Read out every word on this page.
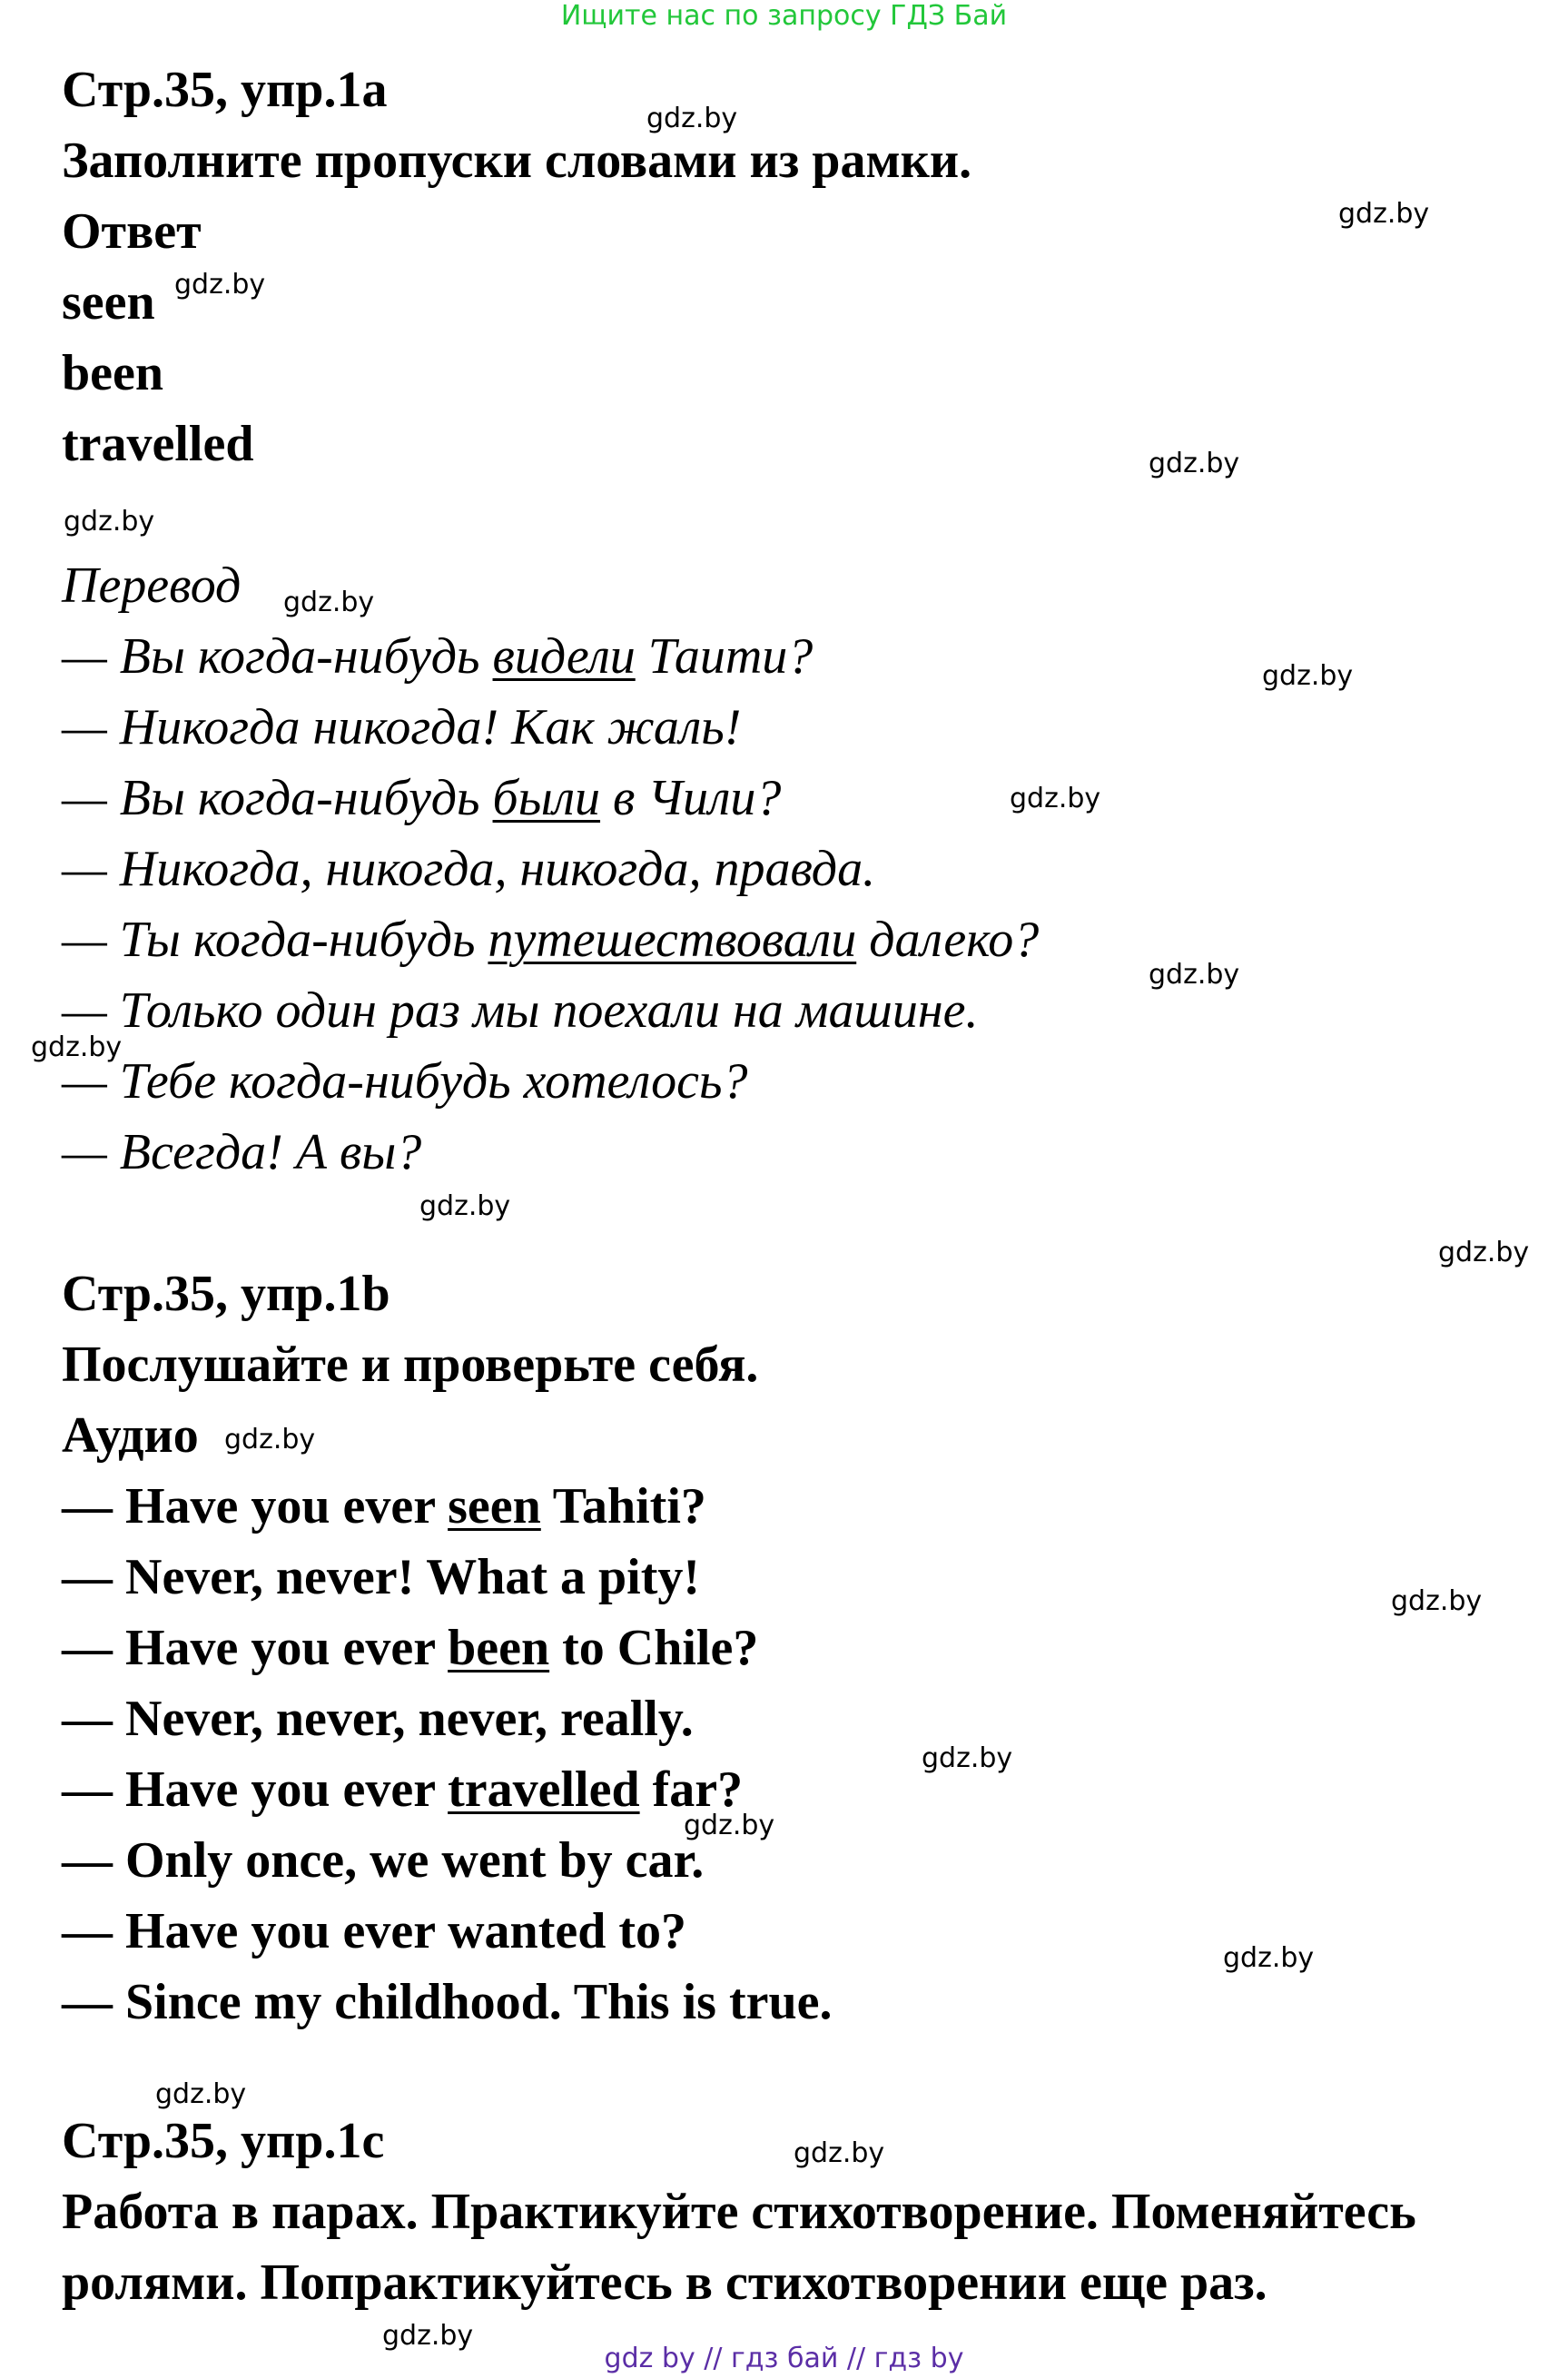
Ищите нас по запросу ГДЗ Бай
Стр.35, упр.1а
Заполните пропуски словами из рамки.
Ответ
seen
been
travelled
Перевод
— Вы когда-нибудь видели Таити?
— Никогда никогда! Как жаль!
— Вы когда-нибудь были в Чили?
— Никогда, никогда, никогда, правда.
— Ты когда-нибудь путешествовали далеко?
— Только один раз мы поехали на машине.
— Тебе когда-нибудь хотелось?
— Всегда! А вы?
Стр.35, упр.1b
Послушайте и проверьте себя.
Аудио
— Have you ever seen Tahiti?
— Never, never! What a pity!
— Have you ever been to Chile?
— Never, never, never, really.
— Have you ever travelled far?
— Only once, we went by car.
— Have you ever wanted to?
— Since my childhood. This is true.
Стр.35, упр.1с
Работа в парах. Практикуйте стихотворение. Поменяйтесь
ролями. Попрактикуйтесь в стихотворении еще раз.
gdz.by
gdz.by
gdz.by
gdz.by
gdz.by
gdz.by
gdz.by
gdz.by
gdz.by
gdz.by
gdz.by
gdz.by
gdz.by
gdz.by
gdz.by
gdz.by
gdz.by
gdz.by
gdz.by
gdz.by
gdz by // гдз бай // гдз by
